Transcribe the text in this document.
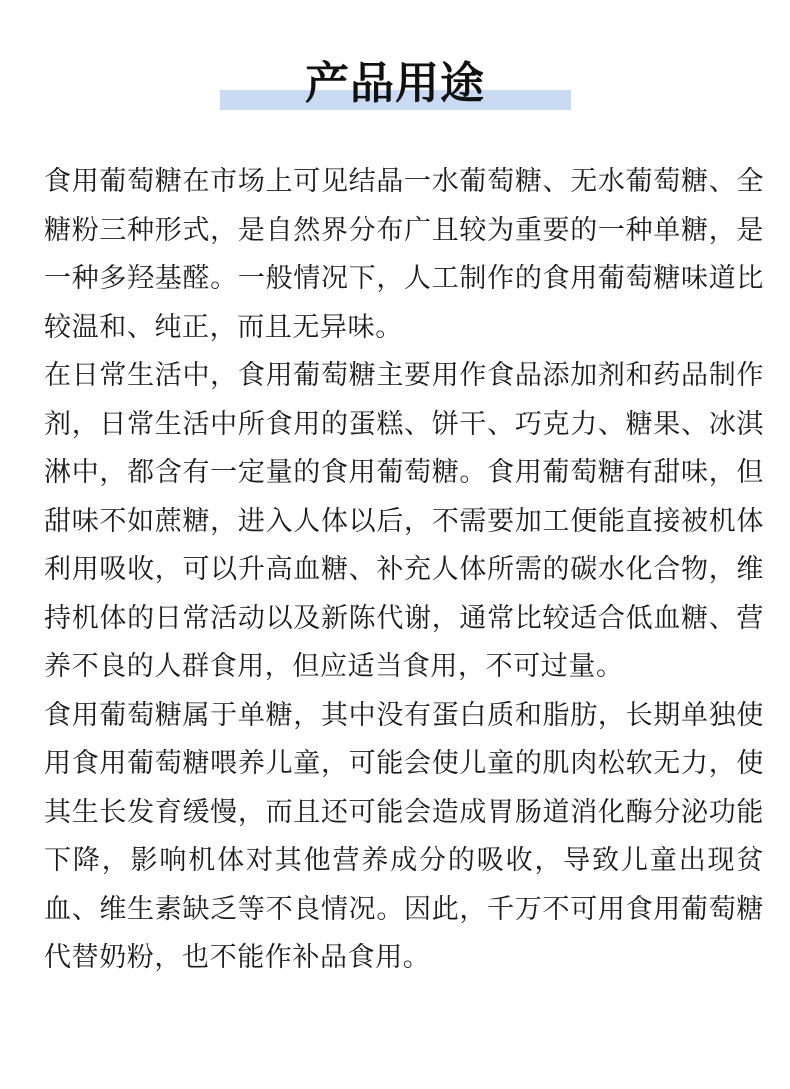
产品用途

食用葡萄糖在市场上可见结晶一水葡萄糖、无水葡萄糖、全糖粉三种形式，是自然界分布广且较为重要的一种单糖，是一种多羟基醛。一般情况下，人工制作的食用葡萄糖味道比较温和、纯正，而且无异味。

在日常生活中，食用葡萄糖主要用作食品添加剂和药品制作剂，日常生活中所食用的蛋糕、饼干、巧克力、糖果、冰淇淋中，都含有一定量的食用葡萄糖。食用葡萄糖有甜味，但甜味不如蔗糖，进入人体以后，不需要加工便能直接被机体利用吸收，可以升高血糖、补充人体所需的碳水化合物，维持机体的日常活动以及新陈代谢，通常比较适合低血糖、营养不良的人群食用，但应适当食用，不可过量。

食用葡萄糖属于单糖，其中没有蛋白质和脂肪，长期单独使用食用葡萄糖喂养儿童，可能会使儿童的肌肉松软无力，使其生长发育缓慢，而且还可能会造成胃肠道消化酶分泌功能下降，影响机体对其他营养成分的吸收，导致儿童出现贫血、维生素缺乏等不良情况。因此，千万不可用食用葡萄糖代替奶粉，也不能作补品食用。
